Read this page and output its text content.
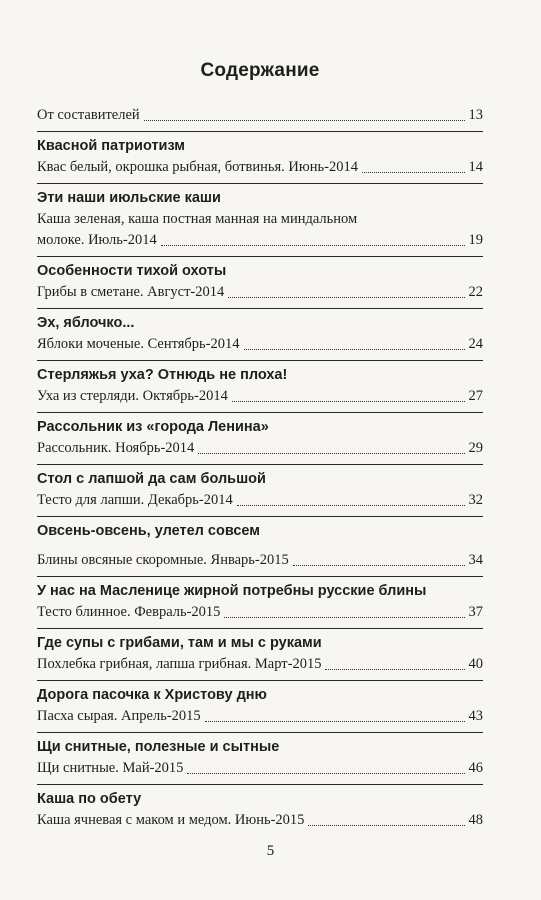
Содержание
От составителей	13
Квасной патриотизм
Квас белый, окрошка рыбная, ботвинья. Июнь-2014	14
Эти наши июльские каши
Каша зеленая, каша постная манная на миндальном
молоке. Июль-2014	19
Особенности тихой охоты
Грибы в сметане. Август-2014	22
Эх, яблочко...
Яблоки моченые. Сентябрь-2014	24
Стерляжья уха? Отнюдь не плоха!
Уха из стерляди. Октябрь-2014	27
Рассольник из «города Ленина»
Рассольник. Ноябрь-2014	29
Стол с лапшой да сам большой
Тесто для лапши. Декабрь-2014	32
Овсень-овсень, улетел совсем
Блины овсяные скоромные. Январь-2015	34
У нас на Масленице жирной потребны русские блины
Тесто блинное. Февраль-2015	37
Где супы с грибами, там и мы с руками
Похлебка грибная, лапша грибная. Март-2015	40
Дорога пасочка к Христову дню
Пасха сырая. Апрель-2015	43
Щи снитные, полезные и сытные
Щи снитные. Май-2015	46
Каша по обету
Каша ячневая с маком и медом. Июнь-2015	48
5
